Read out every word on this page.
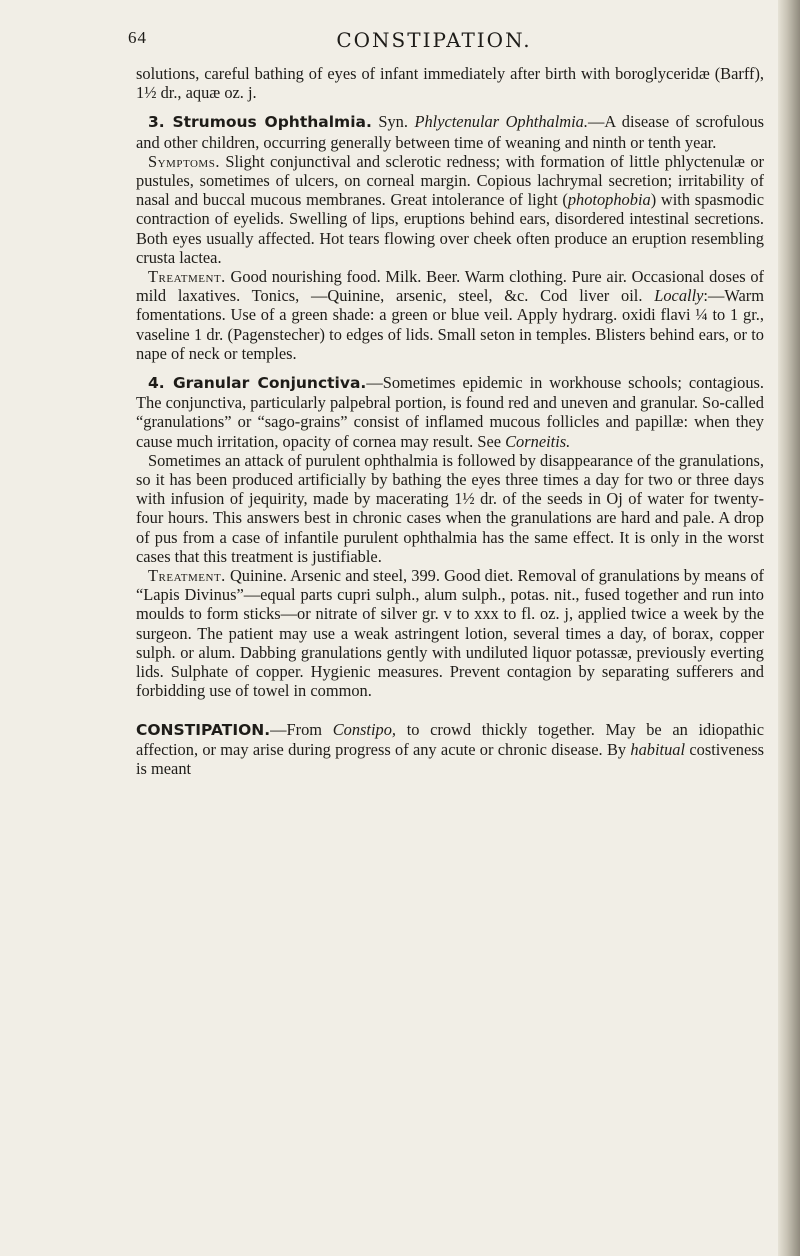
64	CONSTIPATION.

solutions, careful bathing of eyes of infant immediately after birth with boroglyceridæ (Barff), 1½ dr., aquæ oz. j.

3. Strumous Ophthalmia. Syn. Phlyctenular Ophthalmia.—A disease of scrofulous and other children, occurring generally between time of weaning and ninth or tenth year.

Symptoms. Slight conjunctival and sclerotic redness; with formation of little phlyctenulæ or pustules, sometimes of ulcers, on corneal margin. Copious lachrymal secretion; irritability of nasal and buccal mucous membranes. Great intolerance of light (photophobia) with spasmodic contraction of eyelids. Swelling of lips, eruptions behind ears, disordered intestinal secretions. Both eyes usually affected. Hot tears flowing over cheek often produce an eruption resembling crusta lactea.

Treatment. Good nourishing food. Milk. Beer. Warm clothing. Pure air. Occasional doses of mild laxatives. Tonics, —Quinine, arsenic, steel, &c. Cod liver oil. Locally:—Warm fomentations. Use of a green shade: a green or blue veil. Apply hydrarg. oxidi flavi ¼ to 1 gr., vaseline 1 dr. (Pagenstecher) to edges of lids. Small seton in temples. Blisters behind ears, or to nape of neck or temples.

4. Granular Conjunctiva.—Sometimes epidemic in workhouse schools; contagious. The conjunctiva, particularly palpebral portion, is found red and uneven and granular. So-called “granulations” or “sago-grains” consist of inflamed mucous follicles and papillæ: when they cause much irritation, opacity of cornea may result. See Corneitis.

Sometimes an attack of purulent ophthalmia is followed by disappearance of the granulations, so it has been produced artificially by bathing the eyes three times a day for two or three days with infusion of jequirity, made by macerating 1½ dr. of the seeds in Oj of water for twenty-four hours. This answers best in chronic cases when the granulations are hard and pale. A drop of pus from a case of infantile purulent ophthalmia has the same effect. It is only in the worst cases that this treatment is justifiable.

Treatment. Quinine. Arsenic and steel, 399. Good diet. Removal of granulations by means of “Lapis Divinus”—equal parts cupri sulph., alum sulph., potas. nit., fused together and run into moulds to form sticks—or nitrate of silver gr. v to xxx to fl. oz. j, applied twice a week by the surgeon. The patient may use a weak astringent lotion, several times a day, of borax, copper sulph. or alum. Dabbing granulations gently with undiluted liquor potassæ, previously everting lids. Sulphate of copper. Hygienic measures. Prevent contagion by separating sufferers and forbidding use of towel in common.

CONSTIPATION.—From Constipo, to crowd thickly together. May be an idiopathic affection, or may arise during progress of any acute or chronic disease. By habitual costiveness is meant
